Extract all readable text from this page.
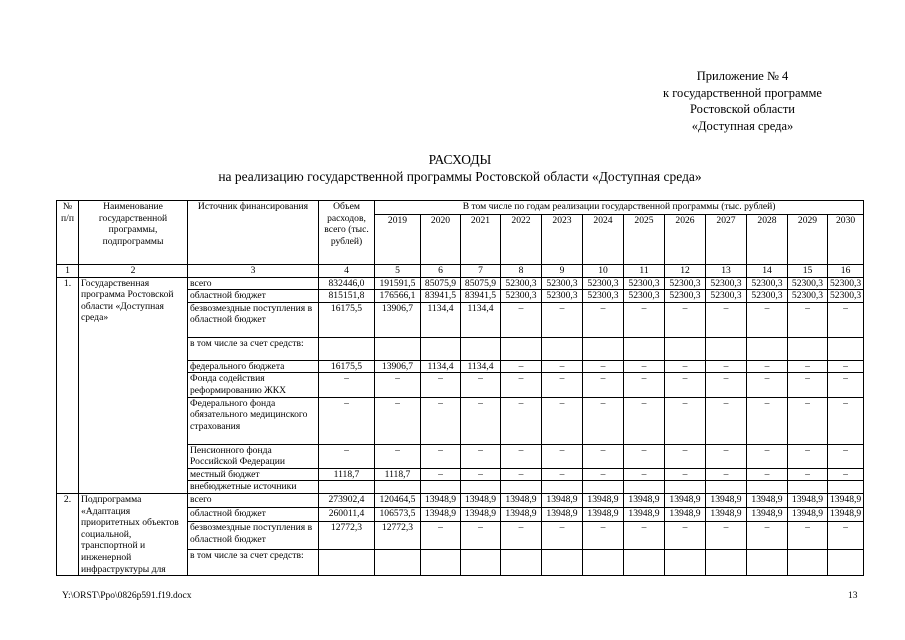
Приложение № 4
к государственной программе
Ростовской области
«Доступная среда»
РАСХОДЫ
на реализацию государственной программы Ростовской области «Доступная среда»
№ п/п	Наименование государственной программы, подпрограммы	Источник финансирования	Объем расходов, всего (тыс. рублей)	В том числе по годам реализации государственной программы (тыс. рублей)											
				2019	2020	2021	2022	2023	2024	2025	2026	2027	2028	2029	2030
1	2	3	4	5	6	7	8	9	10	11	12	13	14	15	16
1.	Государственная программа Ростовской области «Доступная среда»	всего	832446,0	191591,5	85075,9	85075,9	52300,3	52300,3	52300,3	52300,3	52300,3	52300,3	52300,3	52300,3	52300,3
		областной бюджет	815151,8	176566,1	83941,5	83941,5	52300,3	52300,3	52300,3	52300,3	52300,3	52300,3	52300,3	52300,3	52300,3
		безвозмездные поступления в областной бюджет	16175,5	13906,7	1134,4	1134,4	–	–	–	–	–	–	–	–	–
		в том числе за счет средств:													
		федерального бюджета	16175,5	13906,7	1134,4	1134,4	–	–	–	–	–	–	–	–	–
		Фонда содействия реформированию ЖКХ	–	–	–	–	–	–	–	–	–	–	–	–	–
		Федерального фонда обязательного медицинского страхования	–	–	–	–	–	–	–	–	–	–	–	–	–
		Пенсионного фонда Российской Федерации	–	–	–	–	–	–	–	–	–	–	–	–	–
		местный бюджет	1118,7	1118,7	–	–	–	–	–	–	–	–	–	–	–
		внебюджетные источники													
2.	Подпрограмма «Адаптация приоритетных объектов социальной, транспортной и инженерной инфраструктуры для	всего	273902,4	120464,5	13948,9	13948,9	13948,9	13948,9	13948,9	13948,9	13948,9	13948,9	13948,9	13948,9	13948,9
		областной бюджет	260011,4	106573,5	13948,9	13948,9	13948,9	13948,9	13948,9	13948,9	13948,9	13948,9	13948,9	13948,9	13948,9
		безвозмездные поступления в областной бюджет	12772,3	12772,3	–	–	–	–	–	–	–	–	–	–	–
		в том числе за счет средств:													
Y:\ORST\Ppo\0826p591.f19.docx	13
